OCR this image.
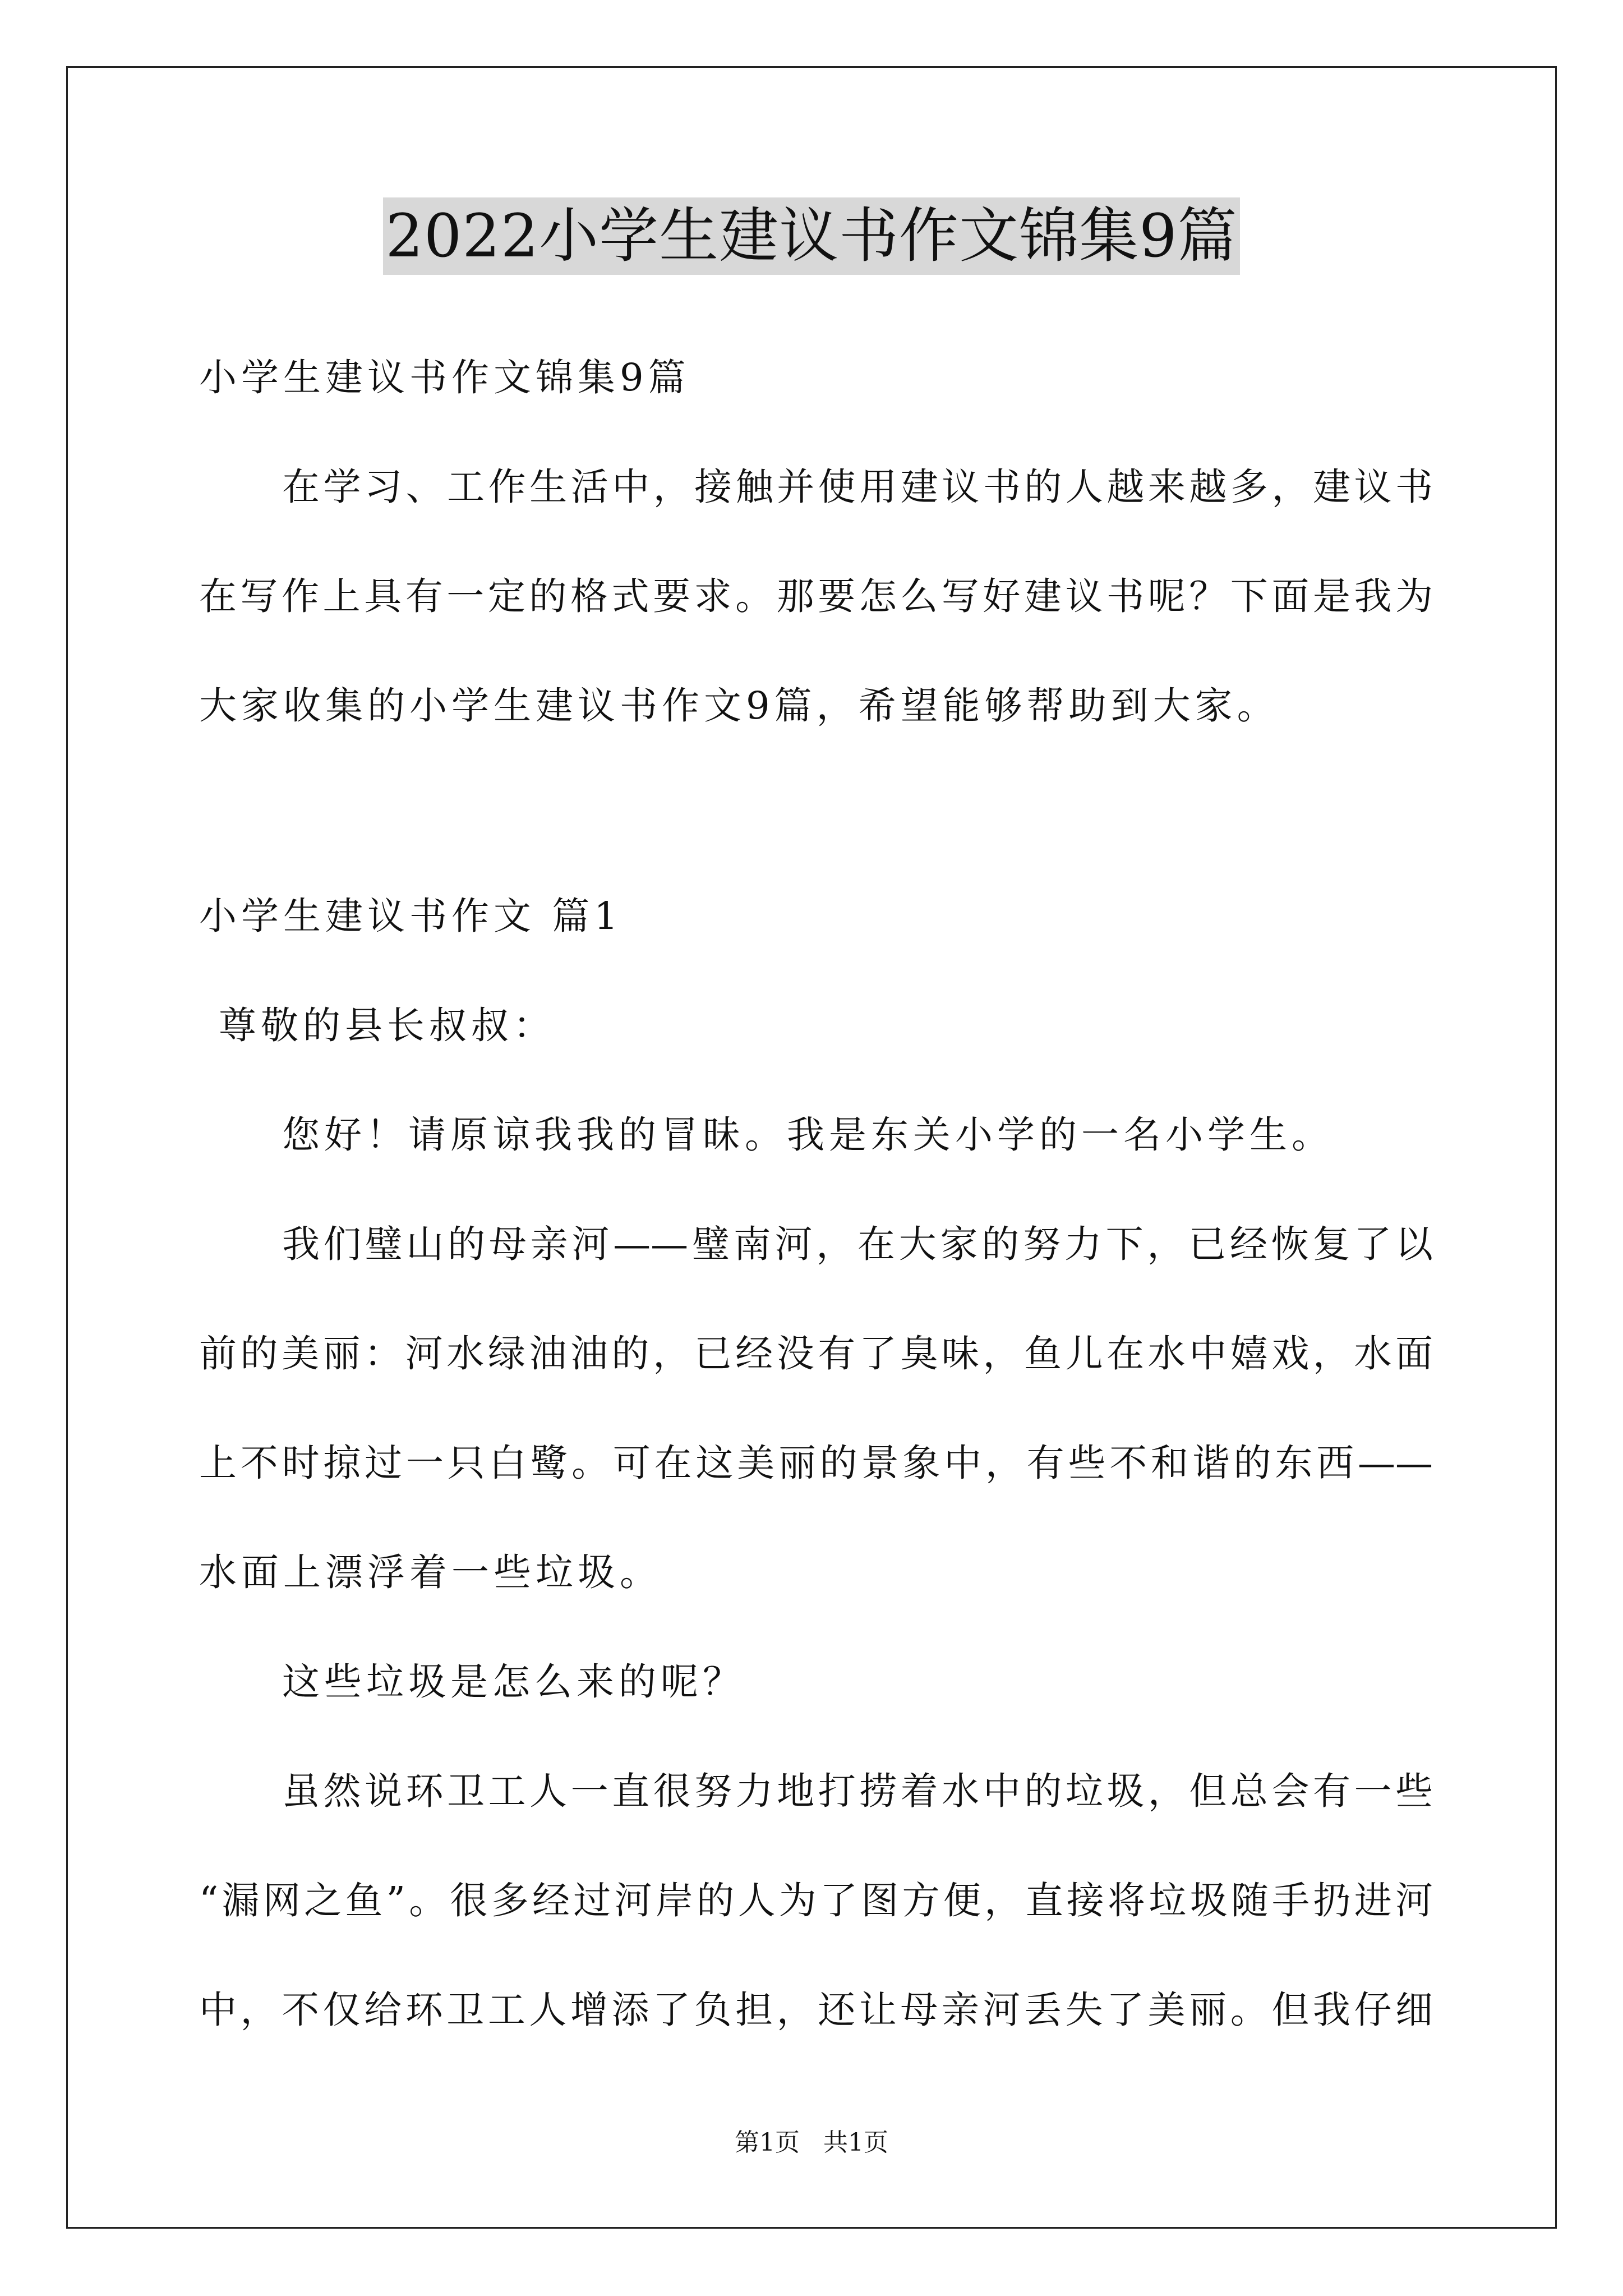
2022小学生建议书作文锦集9篇
小学生建议书作文锦集9篇
在学习、工作生活中，接触并使用建议书的人越来越多，建议书
在写作上具有一定的格式要求。那要怎么写好建议书呢？下面是我为
大家收集的小学生建议书作文9篇，希望能够帮助到大家。
小学生建议书作文 篇1
尊敬的县长叔叔：
您好！请原谅我我的冒昧。我是东关小学的一名小学生。
我们璧山的母亲河——璧南河，在大家的努力下，已经恢复了以
前的美丽：河水绿油油的，已经没有了臭味，鱼儿在水中嬉戏，水面
上不时掠过一只白鹭。可在这美丽的景象中，有些不和谐的东西——
水面上漂浮着一些垃圾。
这些垃圾是怎么来的呢？
虽然说环卫工人一直很努力地打捞着水中的垃圾，但总会有一些
“漏网之鱼”。很多经过河岸的人为了图方便，直接将垃圾随手扔进河
中，不仅给环卫工人增添了负担，还让母亲河丢失了美丽。但我仔细
第1页 共1页
